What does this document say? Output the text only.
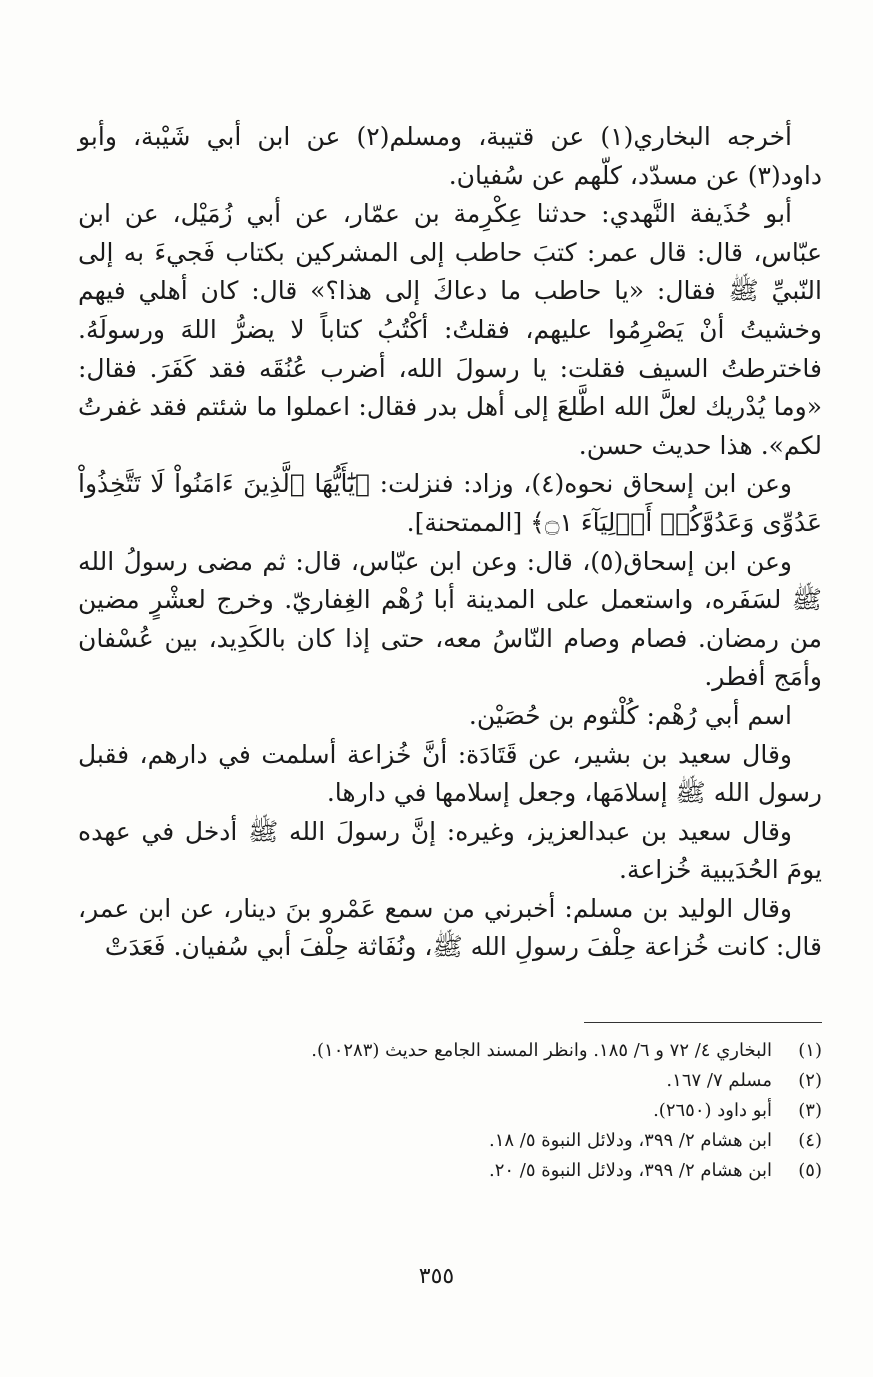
أخرجه البخاري(١) عن قتيبة، ومسلم(٢) عن ابن أبي شَيْبة، وأبو داود(٣) عن مسدّد، كلّهم عن سُفيان.

أبو حُذَيفة النَّهدي: حدثنا عِكْرِمة بن عمّار، عن أبي زُمَيْل، عن ابن عبّاس، قال: قال عمر: كتبَ حاطب إلى المشركين بكتاب فَجيءَ به إلى النّبيِّ ﷺ فقال: «يا حاطب ما دعاكَ إلى هذا؟» قال: كان أهلي فيهم وخشيتُ أنْ يَصْرِمُوا عليهم، فقلتُ: أكْتُبُ كتاباً لا يضرُّ اللهَ ورسولَهُ. فاخترطتُ السيف فقلت: يا رسولَ الله، أضرب عُنُقَه فقد كَفَرَ. فقال: «وما يُدْريك لعلَّ الله اطَّلعَ إلى أهل بدر فقال: اعملوا ما شئتم فقد غفرتُ لكم». هذا حديث حسن.

وعن ابن إسحاق نحوه(٤)، وزاد: فنزلت: ﴿يَٰٓأَيُّهَا ٱلَّذِينَ ءَامَنُواْ لَا تَتَّخِذُواْ عَدُوِّى وَعَدُوَّكُمۡ أَوۡلِيَآءَ ۝١﴾ [الممتحنة].

وعن ابن إسحاق(٥)، قال: وعن ابن عبّاس، قال: ثم مضى رسولُ الله ﷺ لسَفَره، واستعمل على المدينة أبا رُهْم الغِفاريّ. وخرج لعشْرٍ مضين من رمضان. فصام وصام النّاسُ معه، حتى إذا كان بالكَدِيد، بين عُسْفان وأمَج أفطر.

اسم أبي رُهْم: كُلْثوم بن حُصَيْن.

وقال سعيد بن بشير، عن قَتَادَة: أنَّ خُزاعة أسلمت في دارهم، فقبل رسول الله ﷺ إسلامَها، وجعل إسلامها في دارها.

وقال سعيد بن عبدالعزيز، وغيره: إنَّ رسولَ الله ﷺ أدخل في عهده يومَ الحُدَيبية خُزاعة.

وقال الوليد بن مسلم: أخبرني من سمع عَمْرو بنَ دينار، عن ابن عمر، قال: كانت خُزاعة حِلْفَ رسولِ الله ﷺ، ونُفَاثة حِلْفَ أبي سُفيان. فَعَدَتْ

(١)
البخاري ٤/ ٧٢ و ٦/ ١٨٥. وانظر المسند الجامع حديث (١٠٢٨٣).
(٢)
مسلم ٧/ ١٦٧.
(٣)
أبو داود (٢٦٥٠).
(٤)
ابن هشام ٢/ ٣٩٩، ودلائل النبوة ٥/ ١٨.
(٥)
ابن هشام ٢/ ٣٩٩، ودلائل النبوة ٥/ ٢٠.
٣٥٥
